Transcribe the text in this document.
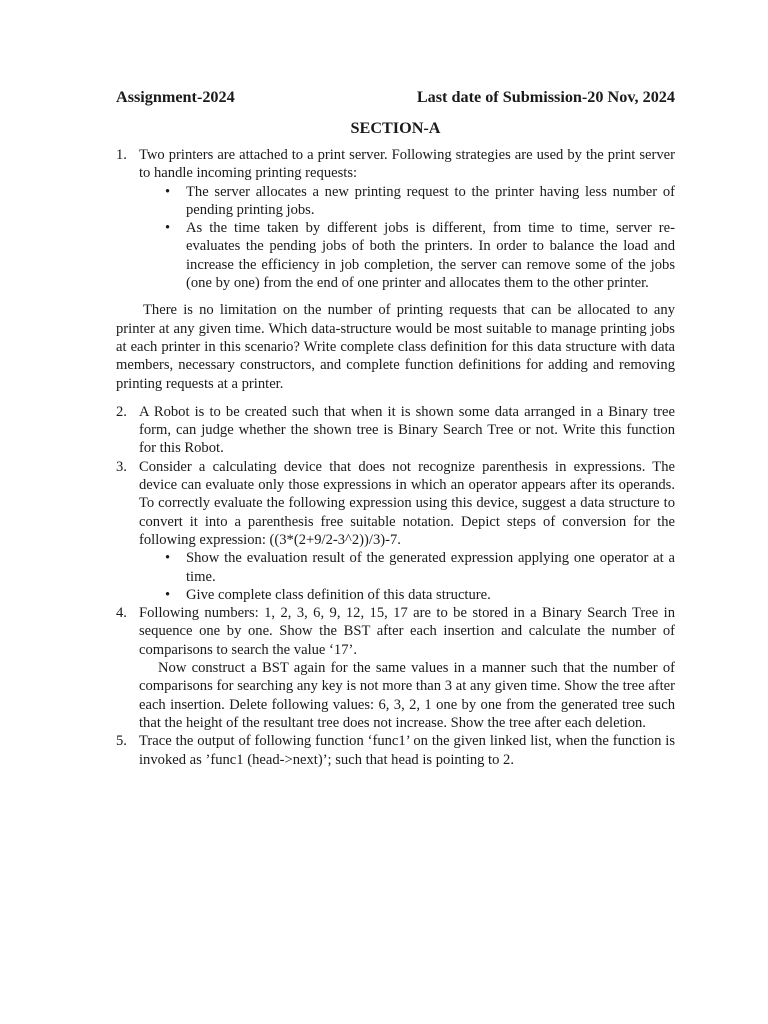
Assignment-2024	Last date of Submission-20 Nov, 2024
SECTION-A
1. Two printers are attached to a print server. Following strategies are used by the print server to handle incoming printing requests:
• The server allocates a new printing request to the printer having less number of pending printing jobs.
• As the time taken by different jobs is different, from time to time, server re-evaluates the pending jobs of both the printers. In order to balance the load and increase the efficiency in job completion, the server can remove some of the jobs (one by one) from the end of one printer and allocates them to the other printer.
There is no limitation on the number of printing requests that can be allocated to any printer at any given time. Which data-structure would be most suitable to manage printing jobs at each printer in this scenario? Write complete class definition for this data structure with data members, necessary constructors, and complete function definitions for adding and removing printing requests at a printer.
2. A Robot is to be created such that when it is shown some data arranged in a Binary tree form, can judge whether the shown tree is Binary Search Tree or not. Write this function for this Robot.
3. Consider a calculating device that does not recognize parenthesis in expressions. The device can evaluate only those expressions in which an operator appears after its operands. To correctly evaluate the following expression using this device, suggest a data structure to convert it into a parenthesis free suitable notation. Depict steps of conversion for the following expression: ((3*(2+9/2-3^2))/3)-7.
• Show the evaluation result of the generated expression applying one operator at a time.
• Give complete class definition of this data structure.
4. Following numbers: 1, 2, 3, 6, 9, 12, 15, 17 are to be stored in a Binary Search Tree in sequence one by one. Show the BST after each insertion and calculate the number of comparisons to search the value ‘17’.
Now construct a BST again for the same values in a manner such that the number of comparisons for searching any key is not more than 3 at any given time. Show the tree after each insertion. Delete following values: 6, 3, 2, 1 one by one from the generated tree such that the height of the resultant tree does not increase. Show the tree after each deletion.
5. Trace the output of following function ‘func1’ on the given linked list, when the function is invoked as ’func1 (head->next)’; such that head is pointing to 2.
